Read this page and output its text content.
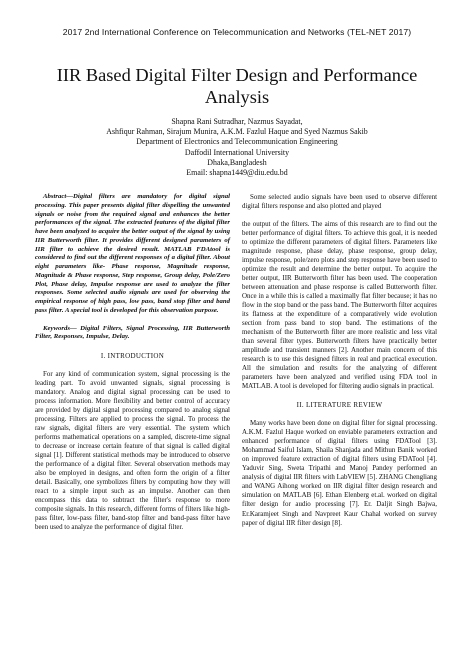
2017 2nd International Conference on Telecommunication and Networks (TEL-NET 2017)
IIR Based Digital Filter Design and Performance Analysis
Shapna Rani Sutradhar, Nazmus Sayadat,
Ashfiqur Rahman, Sirajum Munira, A.K.M. Fazlul Haque and Syed Nazmus Sakib
Department of Electronics and Telecommunication Engineering
Daffodil International University
Dhaka,Bangladesh
Email: shapna1449@diu.edu.bd

Abstract—Digital filters are mandatory for digital signal processing. This paper presents digital filter dispelling the unwanted signals or noise from the required signal and enhances the better performances of the signal. The extracted features of the digital filter have been analyzed to acquire the better output of the signal by using IIR Butterworth filter. It provides different designed parameters of IIR filter to achieve the desired result. MATLAB FDAtool is considered to find out the different responses of a digital filter. About eight parameters like- Phase response, Magnitude response, Magnitude & Phase response, Step response, Group delay, Pole/Zero Plot, Phase delay, Impulse response are used to analyze the filter responses. Some selected audio signals are used for observing the empirical response of high pass, low pass, band stop filter and band pass filter. A special tool is developed for this observation purpose.

Keywords— Digital Filters, Signal Processing, IIR Butterworth Filter, Responses, Impulse, Delay.

I. INTRODUCTION

For any kind of communication system, signal processing is the leading part. To avoid unwanted signals, signal processing is mandatory. Analog and digital signal processing can be used to process information. More flexibility and better control of accuracy are provided by digital signal processing compared to analog signal processing. Filters are applied to process the signal. To process the raw signals, digital filters are very essential. The system which performs mathematical operations on a sampled, discrete-time signal to decrease or increase certain feature of that signal is called digital signal [1]. Different statistical methods may be introduced to observe the performance of a digital filter. Several observation methods may also be employed in designs, and often form the origin of a filter detail. Basically, one symbolizes filters by computing how they will react to a simple input such as an impulse. Another can then encompass this data to subtract the filter's response to more composite signals. In this research, different forms of filters like high-pass filter, low-pass filter, band-stop filter and band-pass filter have been used to analyze the performance of digital filter.

Some selected audio signals have been used to observe different digital filters response and also plotted and played

the output of the filters. The aims of this research are to find out the better performance of digital filters. To achieve this goal, it is needed to optimize the different parameters of digital filters. Parameters like magnitude response, phase delay, phase response, group delay, impulse response, pole/zero plots and step response have been used to optimize the result and determine the better output. To acquire the better output, IIR Butterworth filter has been used. The cooperation between attenuation and phase response is called Butterworth filter. Once in a while this is called a maximally flat filter because; it has no flow in the stop band or the pass band. The Butterworth filter acquires its flatness at the expenditure of a comparatively wide evolution section from pass band to stop band. The estimations of the mechanism of the Butterworth filter are more realistic and less vital than several filter types. Butterworth filters have practically better amplitude and transient manners [2]. Another main concern of this research is to use this designed filters in real and practical execution. All the simulation and results for the analyzing of different parameters have been analyzed and verified using FDA tool in MATLAB. A tool is developed for filtering audio signals in practical.

II. LITERATURE REVIEW

Many works have been done on digital filter for signal processing. A.K.M. Fazlul Haque worked on enviable parameters extraction and enhanced performance of digital filters using FDATool [3]. Mohammad Saiful Islam, Shaila Shanjada and Mithun Banik worked on improved feature extraction of digital filters using FDATool [4]. Yaduvir Sing, Sweta Tripathi and Manoj Pandey performed an analysis of digital IIR filters with LabVIEW [5]. ZHANG Chengliang and WANG Aihong worked on IIR digital filter design research and simulation on MATLAB [6]. Ethan Elenberg et.al. worked on digital filter design for audio processing [7]. Er. Daljit Singh Bajwa, Er.Karamjeet Singh and Navpreet Kaur Chahal worked on survey paper of digital IIR filter design [8].
